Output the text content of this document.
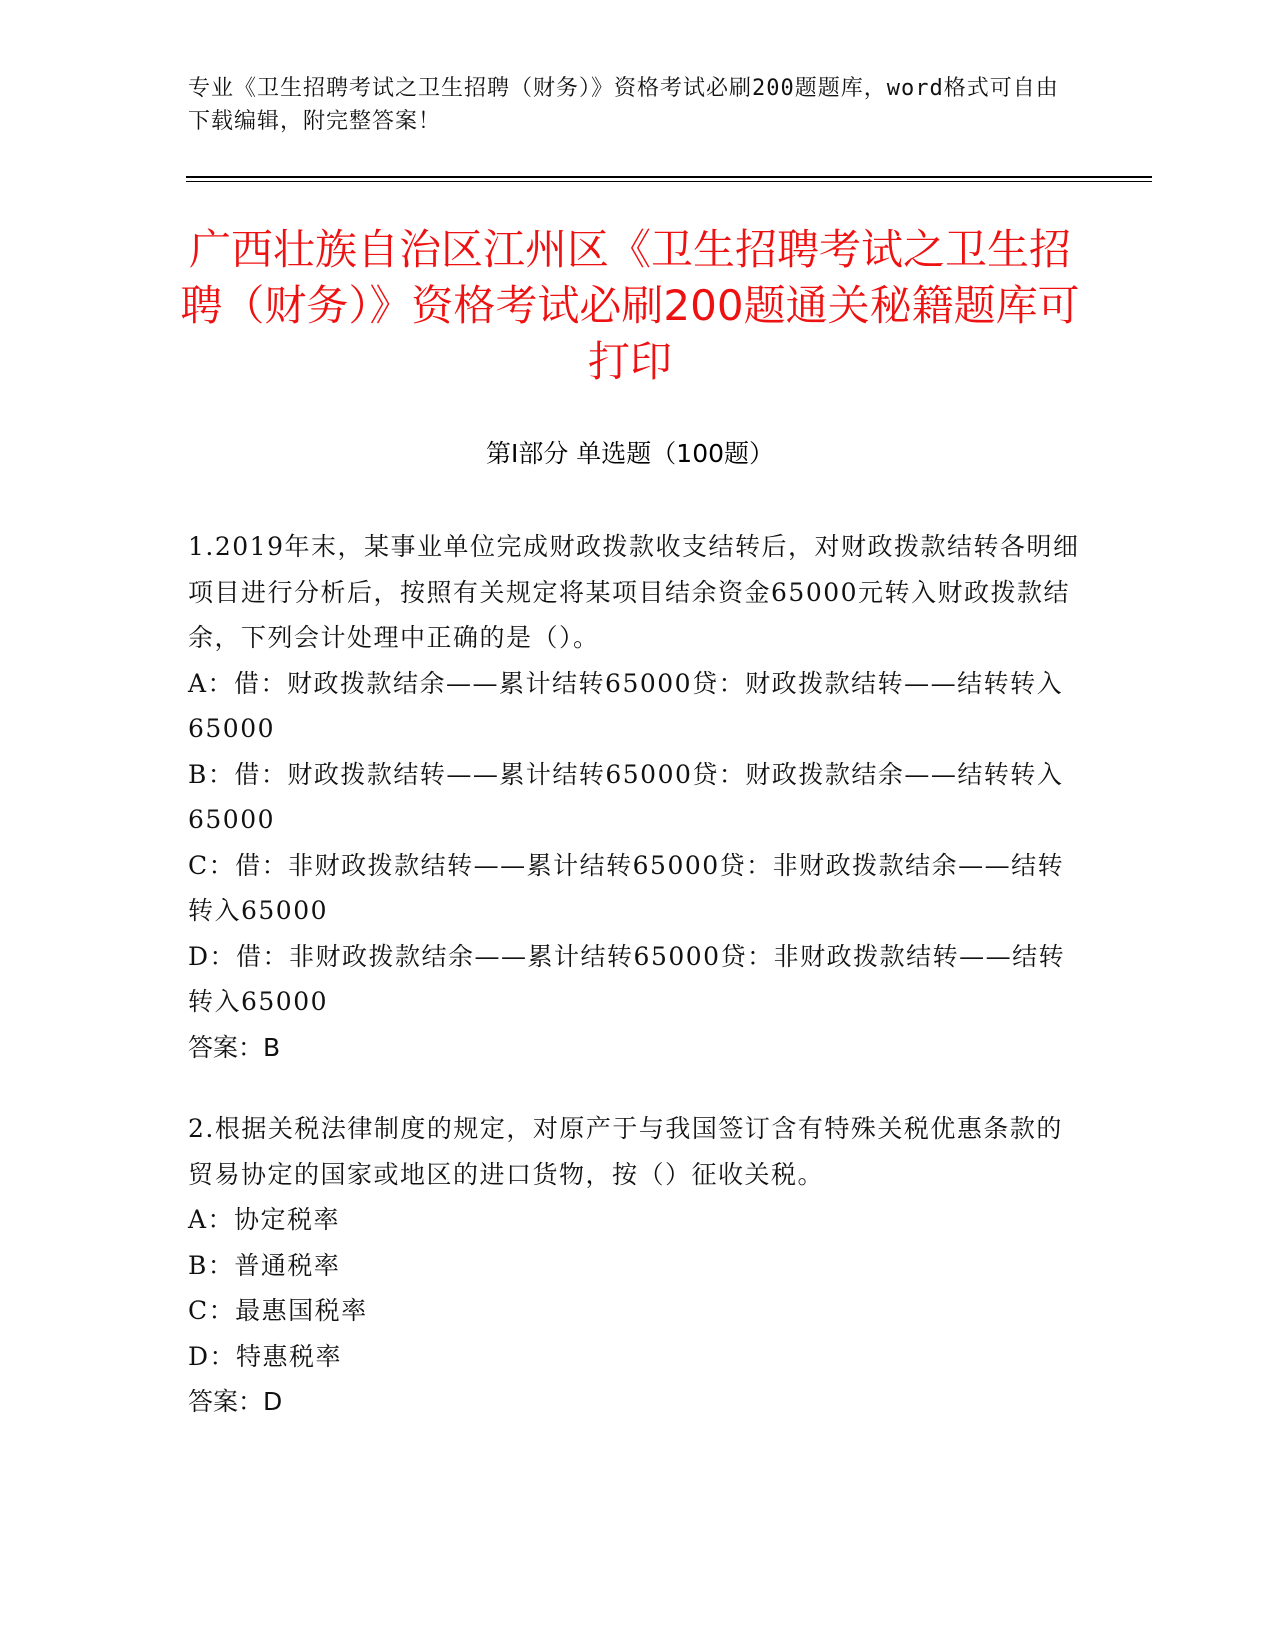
专业《卫生招聘考试之卫生招聘（财务）》资格考试必刷200题题库，word格式可自由下载编辑，附完整答案！
广西壮族自治区江州区《卫生招聘考试之卫生招聘（财务）》资格考试必刷200题通关秘籍题库可打印
第I部分 单选题（100题）

1.2019年末，某事业单位完成财政拨款收支结转后，对财政拨款结转各明细项目进行分析后，按照有关规定将某项目结余资金65000元转入财政拨款结余，下列会计处理中正确的是（）。

A：借：财政拨款结余——累计结转65000贷：财政拨款结转——结转转入65000

B：借：财政拨款结转——累计结转65000贷：财政拨款结余——结转转入65000

C：借：非财政拨款结转——累计结转65000贷：非财政拨款结余——结转转入65000

D：借：非财政拨款结余——累计结转65000贷：非财政拨款结转——结转转入65000

答案：B

2.根据关税法律制度的规定，对原产于与我国签订含有特殊关税优惠条款的贸易协定的国家或地区的进口货物，按（）征收关税。

A：协定税率

B：普通税率

C：最惠国税率

D：特惠税率

答案：D
